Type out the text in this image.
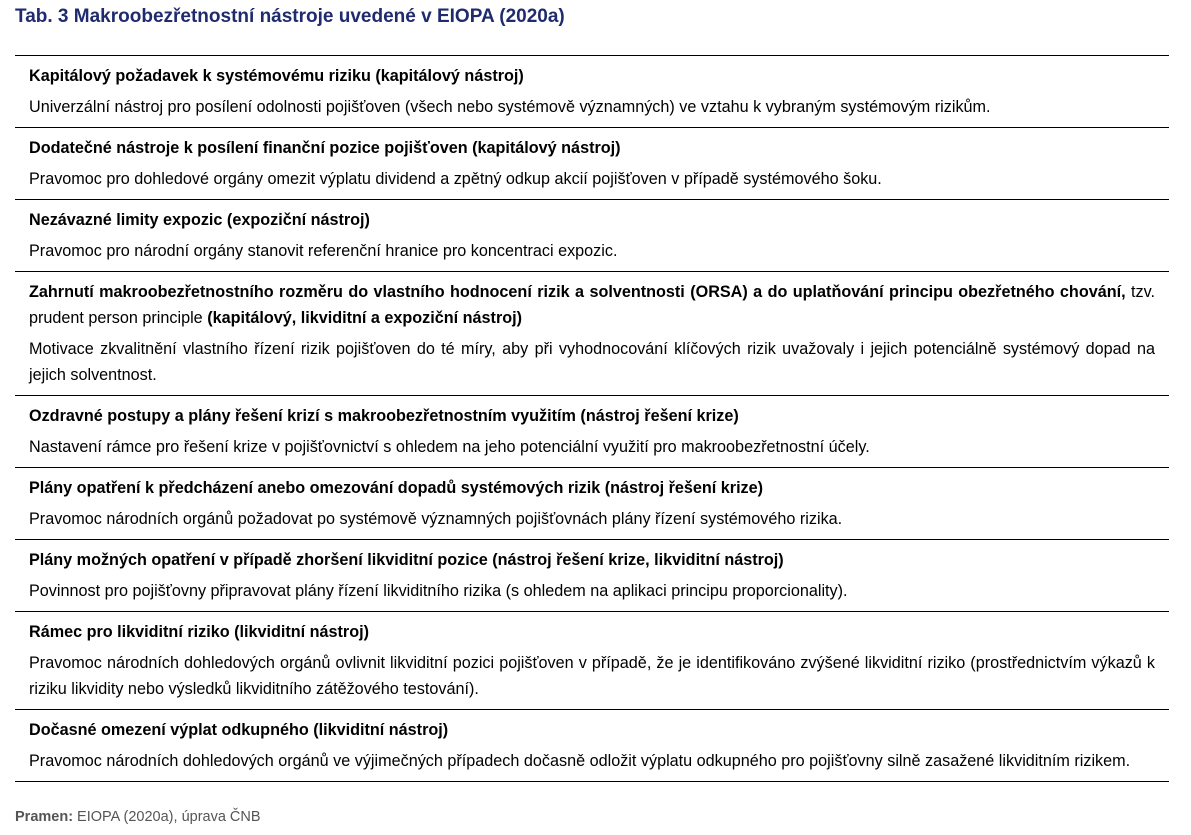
Tab. 3 Makroobezřetnostní nástroje uvedené v EIOPA (2020a)
Kapitálový požadavek k systémovému riziku (kapitálový nástroj)
Univerzální nástroj pro posílení odolnosti pojišťoven (všech nebo systémově významných) ve vztahu k vybraným systémovým rizikům.
Dodatečné nástroje k posílení finanční pozice pojišťoven (kapitálový nástroj)
Pravomoc pro dohledové orgány omezit výplatu dividend a zpětný odkup akcií pojišťoven v případě systémového šoku.
Nezávazné limity expozic (expoziční nástroj)
Pravomoc pro národní orgány stanovit referenční hranice pro koncentraci expozic.
Zahrnutí makroobezřetnostního rozměru do vlastního hodnocení rizik a solventnosti (ORSA) a do uplatňování principu obezřetného chování, tzv. prudent person principle (kapitálový, likviditní a expoziční nástroj)
Motivace zkvalitnění vlastního řízení rizik pojišťoven do té míry, aby při vyhodnocování klíčových rizik uvažovaly i jejich potenciálně systémový dopad na jejich solventnost.
Ozdravné postupy a plány řešení krizí s makroobezřetnostním využitím (nástroj řešení krize)
Nastavení rámce pro řešení krize v pojišťovnictví s ohledem na jeho potenciální využití pro makroobezřetnostní účely.
Plány opatření k předcházení anebo omezování dopadů systémových rizik (nástroj řešení krize)
Pravomoc národních orgánů požadovat po systémově významných pojišťovnách plány řízení systémového rizika.
Plány možných opatření v případě zhoršení likviditní pozice (nástroj řešení krize, likviditní nástroj)
Povinnost pro pojišťovny připravovat plány řízení likviditního rizika (s ohledem na aplikaci principu proporcionality).
Rámec pro likviditní riziko (likviditní nástroj)
Pravomoc národních dohledových orgánů ovlivnit likviditní pozici pojišťoven v případě, že je identifikováno zvýšené likviditní riziko (prostřednictvím výkazů k riziku likvidity nebo výsledků likviditního zátěžového testování).
Dočasné omezení výplat odkupného (likviditní nástroj)
Pravomoc národních dohledových orgánů ve výjimečných případech dočasně odložit výplatu odkupného pro pojišťovny silně zasažené likviditním rizikem.
Pramen: EIOPA (2020a), úprava ČNB
